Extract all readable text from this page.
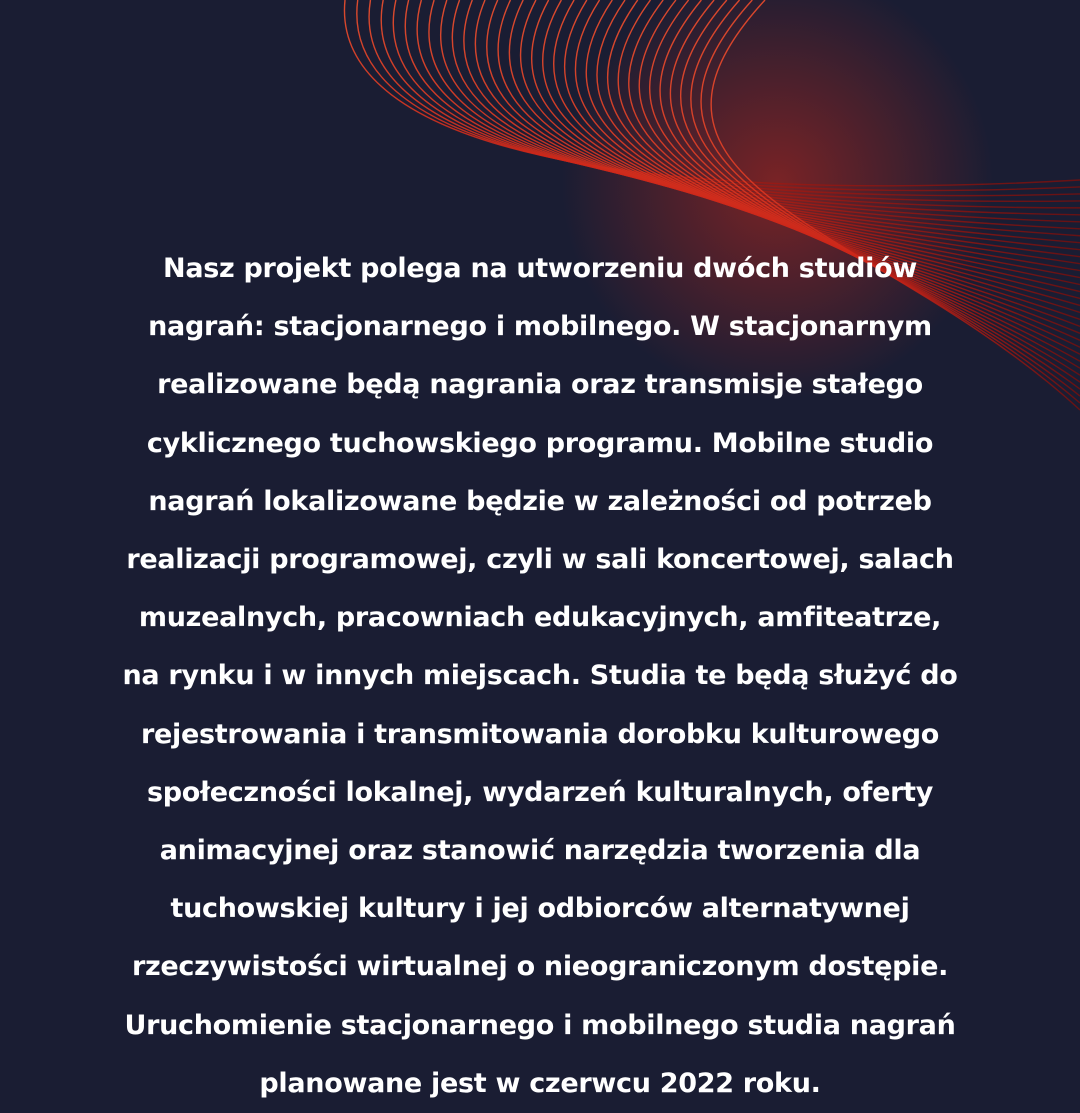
Nasz projekt polega na utworzeniu dwóch studiów
nagrań: stacjonarnego i mobilnego. W stacjonarnym
realizowane będą nagrania oraz transmisje stałego
cyklicznego tuchowskiego programu. Mobilne studio
nagrań lokalizowane będzie w zależności od potrzeb
realizacji programowej, czyli w sali koncertowej, salach
muzealnych, pracowniach edukacyjnych, amfiteatrze,
na rynku i w innych miejscach. Studia te będą służyć do
rejestrowania i transmitowania dorobku kulturowego
społeczności lokalnej, wydarzeń kulturalnych, oferty
animacyjnej oraz stanowić narzędzia tworzenia dla
tuchowskiej kultury i jej odbiorców alternatywnej
rzeczywistości wirtualnej o nieograniczonym dostępie.
Uruchomienie stacjonarnego i mobilnego studia nagrań
planowane jest w czerwcu 2022 roku.
